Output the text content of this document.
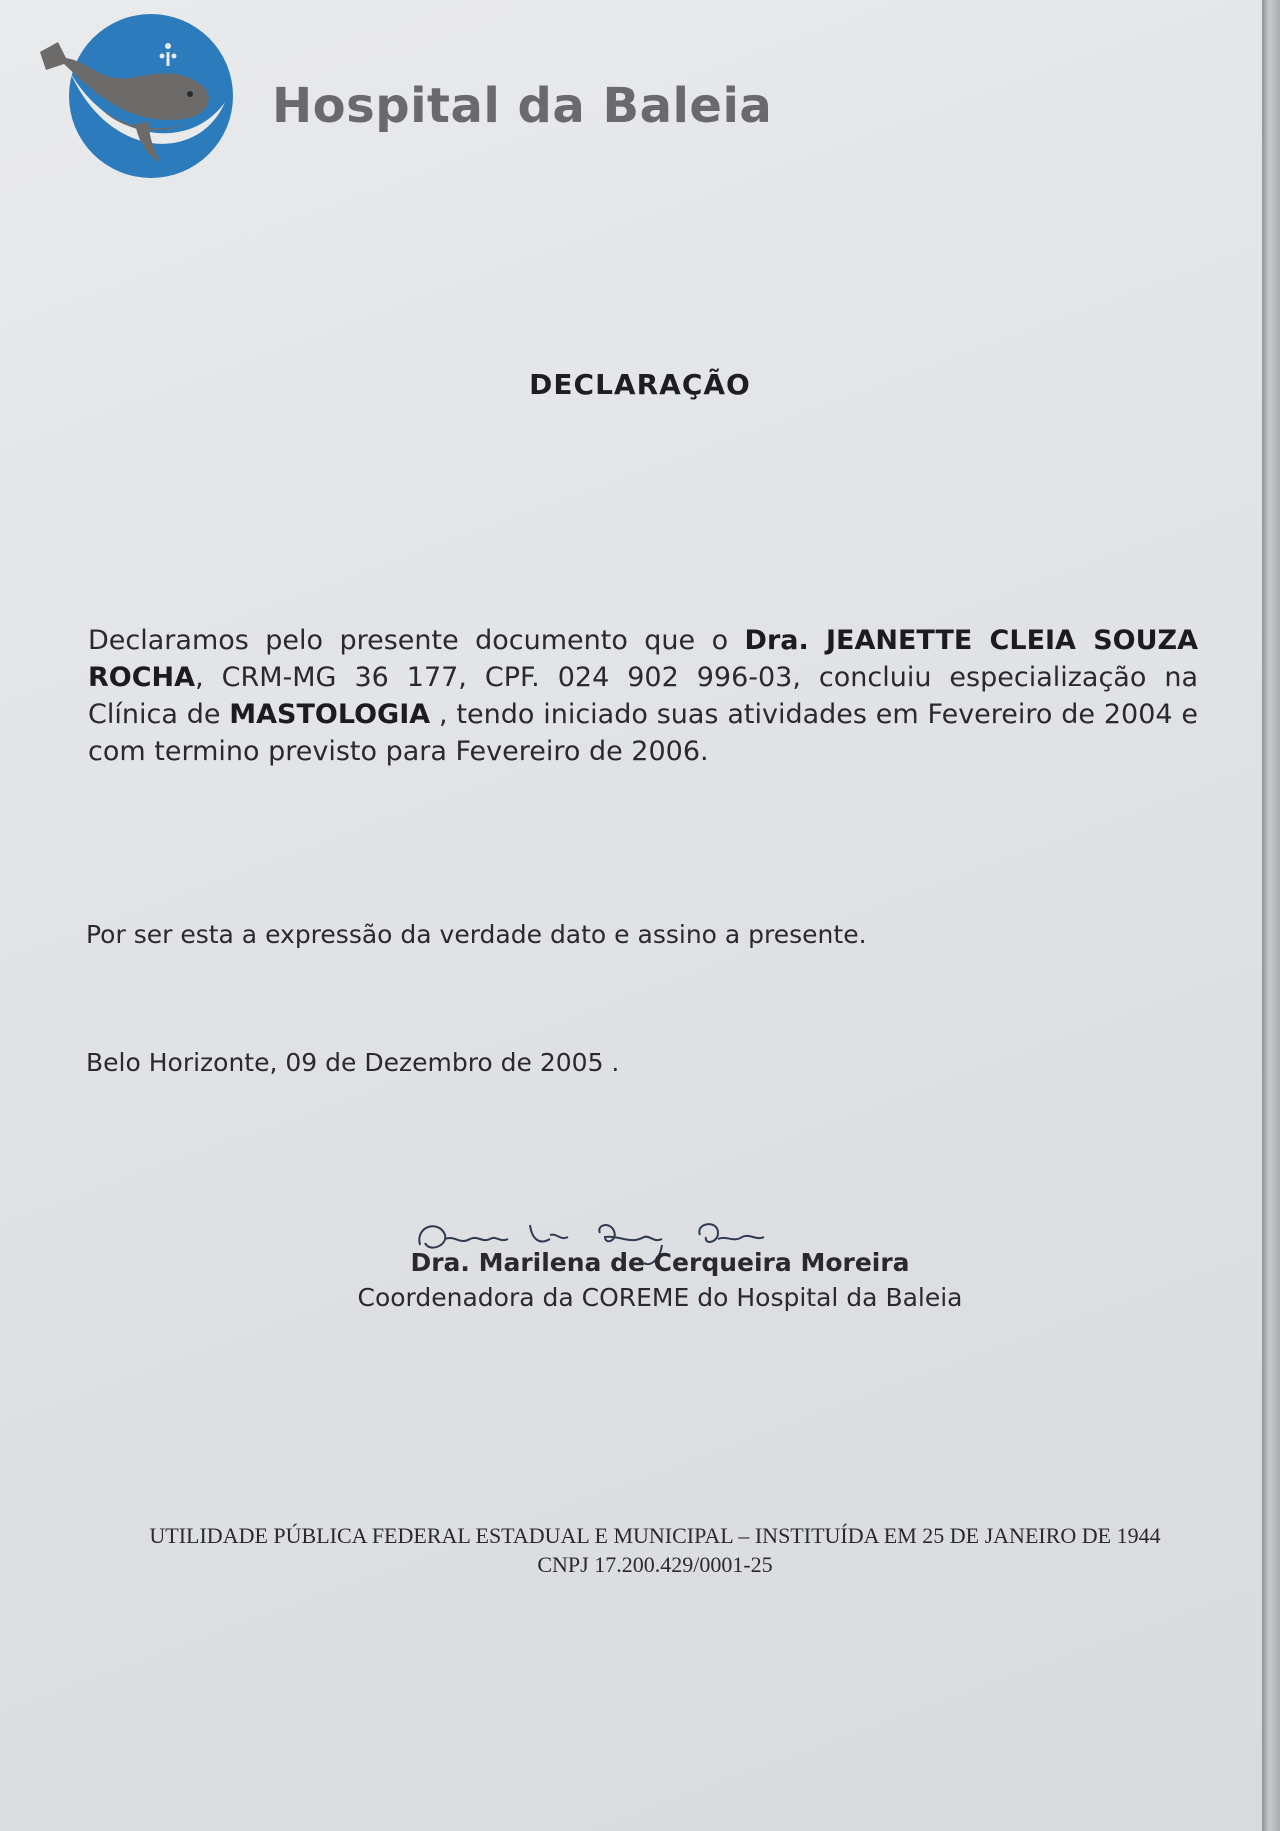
Hospital da Baleia
DECLARAÇÃO
Declaramos pelo presente documento que o Dra. JEANETTE CLEIA SOUZA ROCHA, CRM-MG 36 177, CPF. 024 902 996-03, concluiu especialização na Clínica de MASTOLOGIA , tendo iniciado suas atividades em Fevereiro de 2004 e com termino previsto para Fevereiro de 2006.
Por ser esta a expressão da verdade dato e assino a presente.
Belo Horizonte, 09 de Dezembro de 2005 .
Dra. Marilena de Cerqueira Moreira
Coordenadora da COREME do Hospital da Baleia
UTILIDADE PÚBLICA FEDERAL ESTADUAL E MUNICIPAL – INSTITUÍDA EM 25 DE JANEIRO DE 1944
CNPJ 17.200.429/0001-25
